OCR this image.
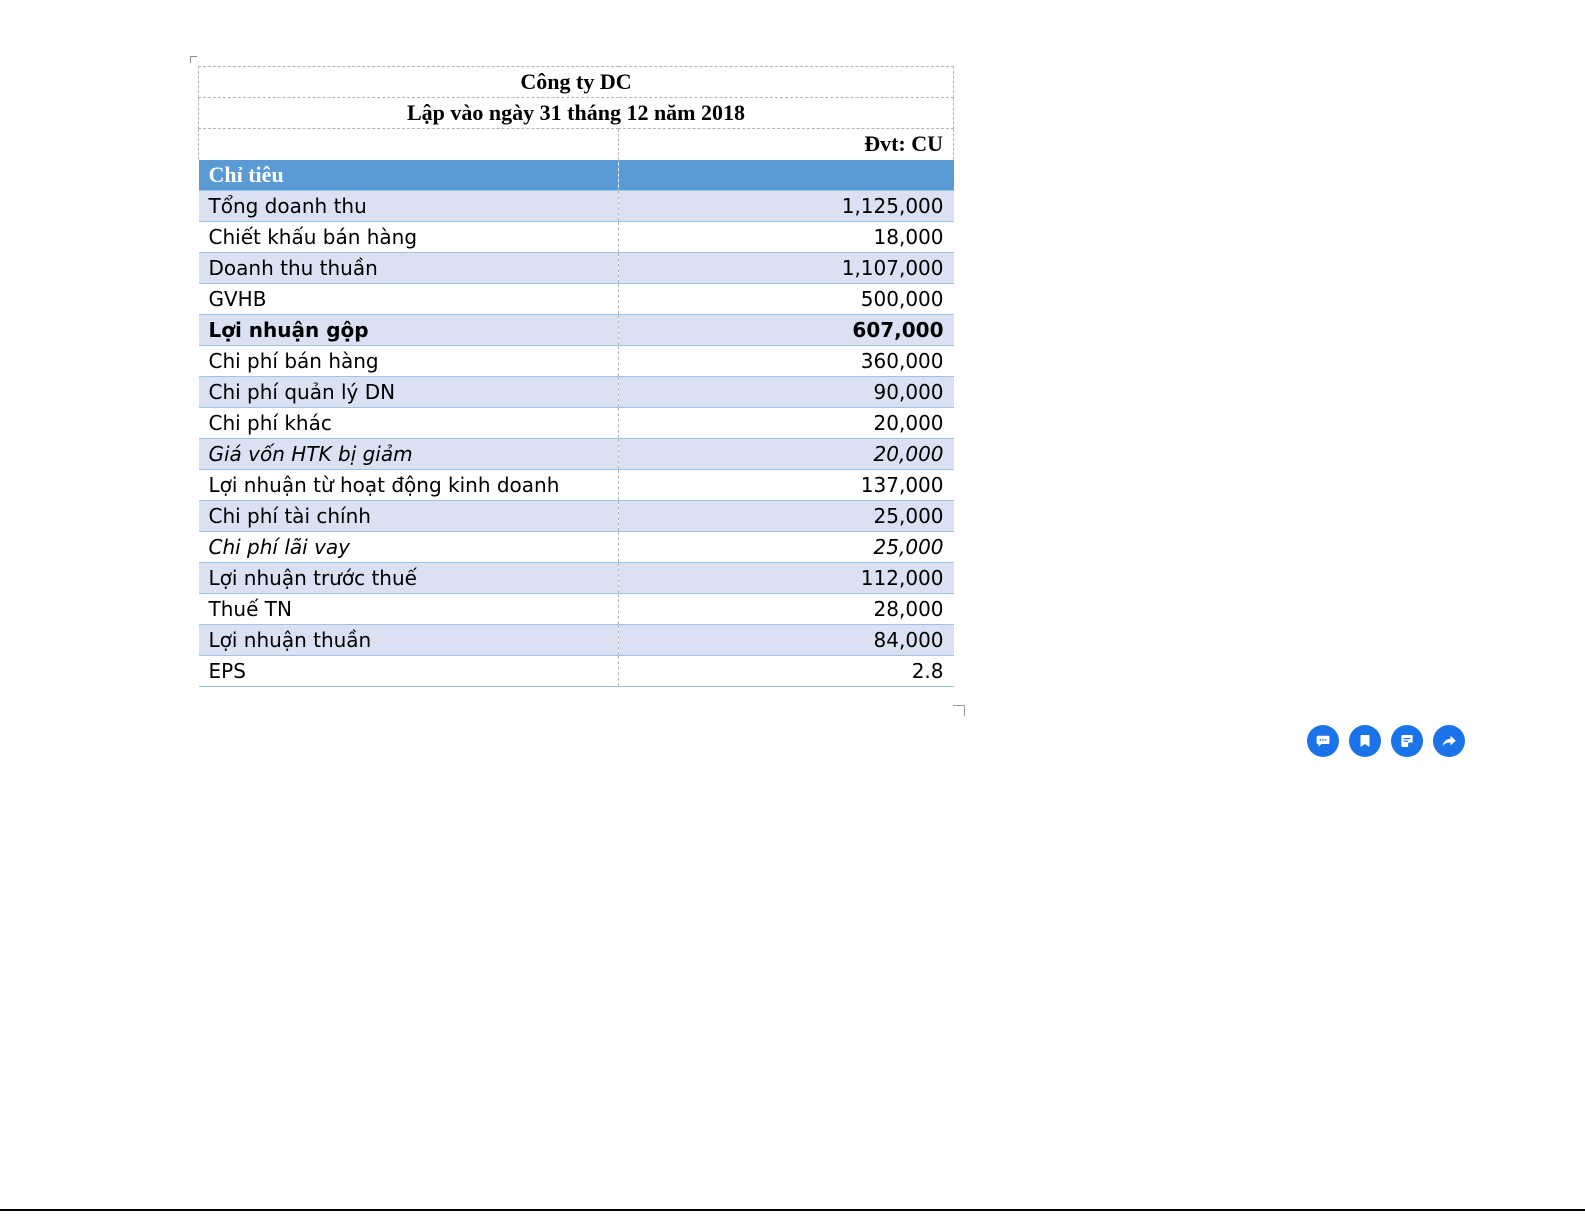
Công ty DC	
Lập vào ngày 31 tháng 12 năm 2018	
	Đvt: CU
Chỉ tiêu	
Tổng doanh thu	1,125,000
Chiết khấu bán hàng	18,000
Doanh thu thuần	1,107,000
GVHB	500,000
Lợi nhuận gộp	607,000
Chi phí bán hàng	360,000
Chi phí quản lý DN	90,000
Chi phí khác	20,000
Giá vốn HTK bị giảm	20,000
Lợi nhuận từ hoạt động kinh doanh	137,000
Chi phí tài chính	25,000
Chi phí lãi vay	25,000
Lợi nhuận trước thuế	112,000
Thuế TN	28,000
Lợi nhuận thuần	84,000
EPS	2.8
